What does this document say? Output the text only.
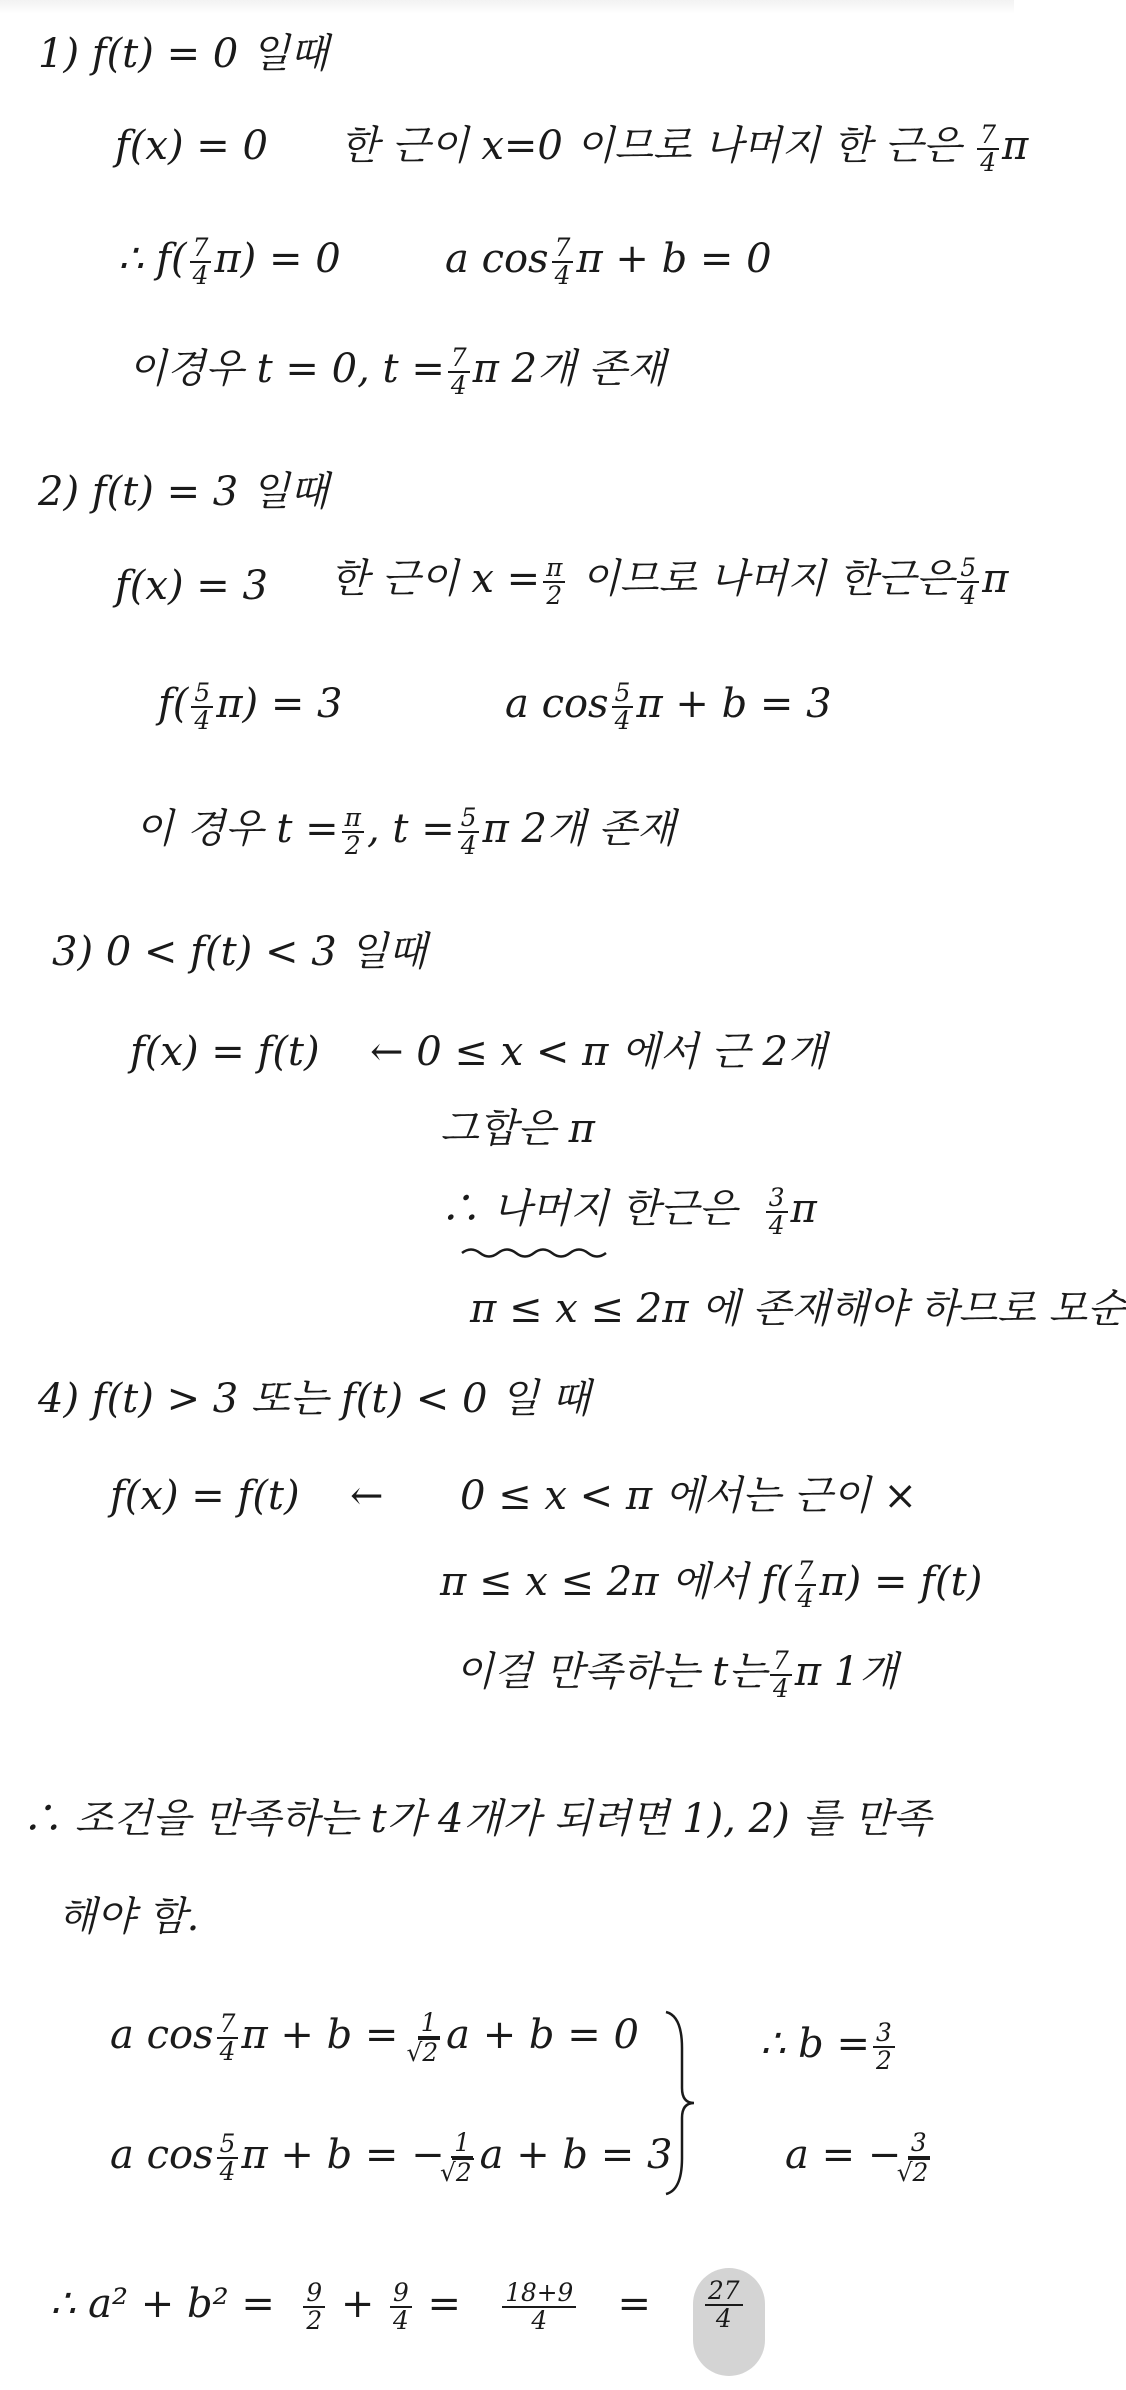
1) f(t) = 0 일때
f(x) = 0 한 근이 x=0 이므로 나머지 한 근은 $\frac{7}{4}$ π
∴ $f( \frac{7}{4} \pi) = 0$	a $\cos \frac{7}{4}$ π + b = 0
이경우 t = 0, $t = \frac{7}{4}$ π 2개 존재
2) f(t) = 3 일때
f(x) = 3 한 근이 $x = \frac{\pi}{2}$ 이므로 나머지 한근은 $\frac{5}{4}$ π
$f( \frac{5}{4} \pi) = 3$	a $\cos \frac{5}{4}$ π + b = 3
이 경우 $t = \frac{\pi}{2}$ , $t = \frac{5}{4}$ π 2개 존재
3) 0 < f(t) < 3 일때
f(x) = f(t) ← 0 ≤ x < π 에서 근 2개
그합은 π
∴ 나머지 한근은 $\frac{3}{4}$ π
π ≤ x ≤ 2π 에 존재해야 하므로 모순
4) f(t) > 3 또는 f(t) < 0 일 때
f(x) = f(t) ← 0 ≤ x < π 에서는 근이 ×
π ≤ x ≤ 2π 에서 $f( \frac{7}{4} \pi) = f(t)$
이걸 만족하는 t는 $\frac{7}{4}$ π 1개
∴ 조건을 만족하는 t가 4개가 되려면 1), 2) 를 만족
해야 함.
a $\cos \frac{7}{4}$ π + b = 1
√ 2 a + b = 0
a $\cos \frac{5}{4}$ π + b = − 1
√ 2 a + b = 3
∴ $b = \frac{3}{2}$
a = − 3
√ 2
∴ $a^2 + b^2 = \frac{9}{2} + \frac{9}{4} = \frac{18+9}{4} = \frac{27}{4}$
